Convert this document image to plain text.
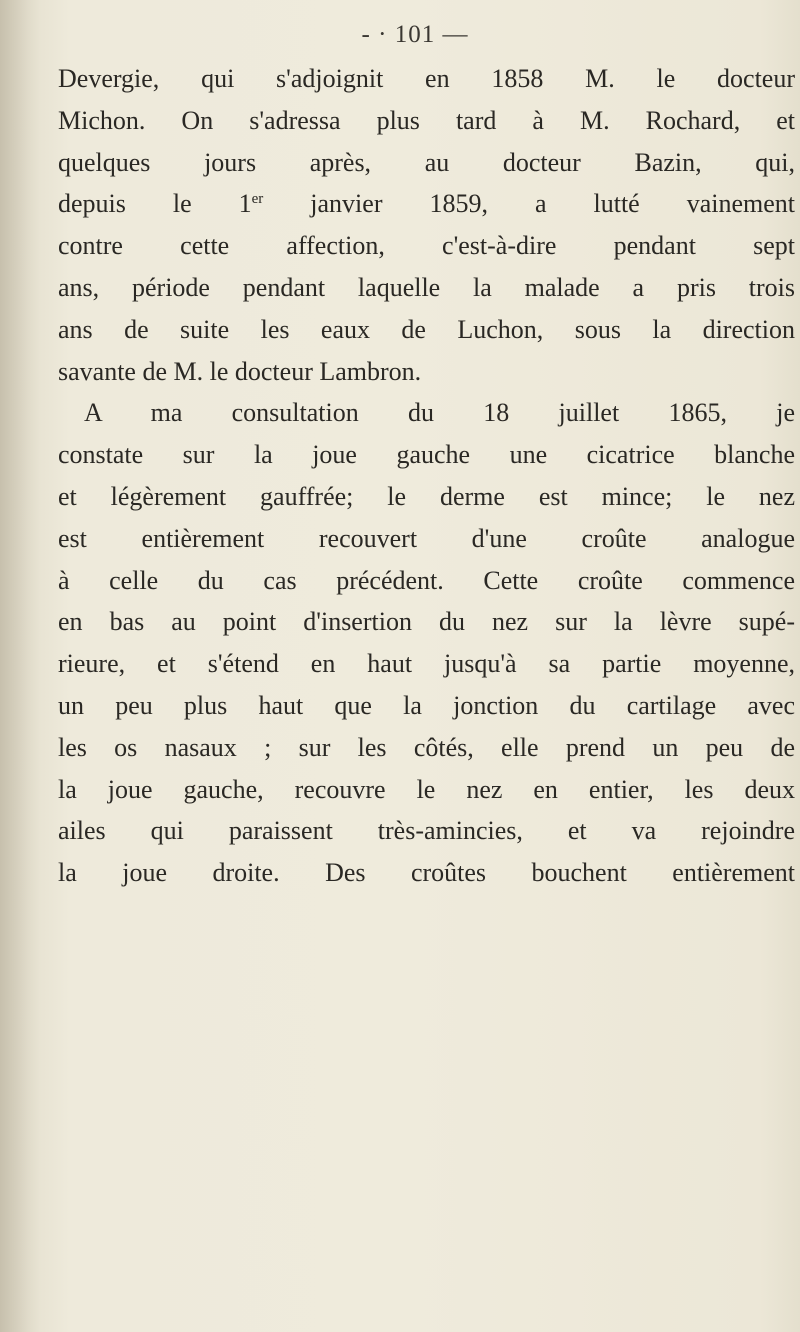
- · 101 —
Devergie, qui s'adjoignit en 1858 M. le docteur
Michon. On s'adressa plus tard à M. Rochard, et
quelques jours après, au docteur Bazin, qui,
depuis le 1er janvier 1859, a lutté vainement
contre cette affection, c'est-à-dire pendant sept
ans, période pendant laquelle la malade a pris trois
ans de suite les eaux de Luchon, sous la direction
savante de M. le docteur Lambron.
A ma consultation du 18 juillet 1865, je
constate sur la joue gauche une cicatrice blanche
et légèrement gauffrée; le derme est mince; le nez
est entièrement recouvert d'une croûte analogue
à celle du cas précédent. Cette croûte commence
en bas au point d'insertion du nez sur la lèvre supé-
rieure, et s'étend en haut jusqu'à sa partie moyenne,
un peu plus haut que la jonction du cartilage avec
les os nasaux ; sur les côtés, elle prend un peu de
la joue gauche, recouvre le nez en entier, les deux
ailes qui paraissent très-amincies, et va rejoindre
la joue droite. Des croûtes bouchent entièrement
